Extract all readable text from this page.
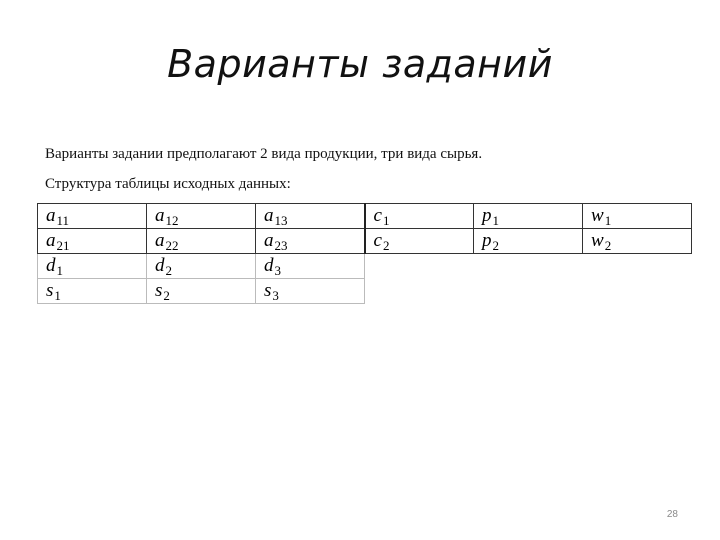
Варианты заданий
Варианты задании предполагают 2 вида продукции, три вида сырья.
Структура таблицы исходных данных:
$a_{11}$	$a_{12}$	$a_{13}$	$c_1$	$p_1$	$w_1$
$a_{21}$	$a_{22}$	$a_{23}$	$c_2$	$p_2$	$w_2$
$d_1$	$d_2$	$d_3$	
$s_1$	$s_2$	$s_3$	
28
